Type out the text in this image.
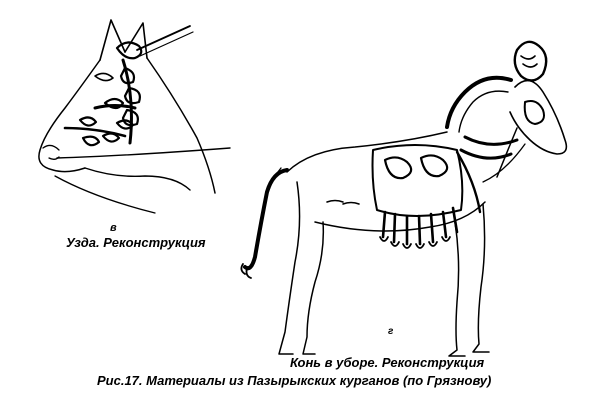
в
Узда. Реконструкция
г
Конь в уборе. Реконструкция
Рис.17. Материалы из Пазырыкских курганов (по Грязнову)
